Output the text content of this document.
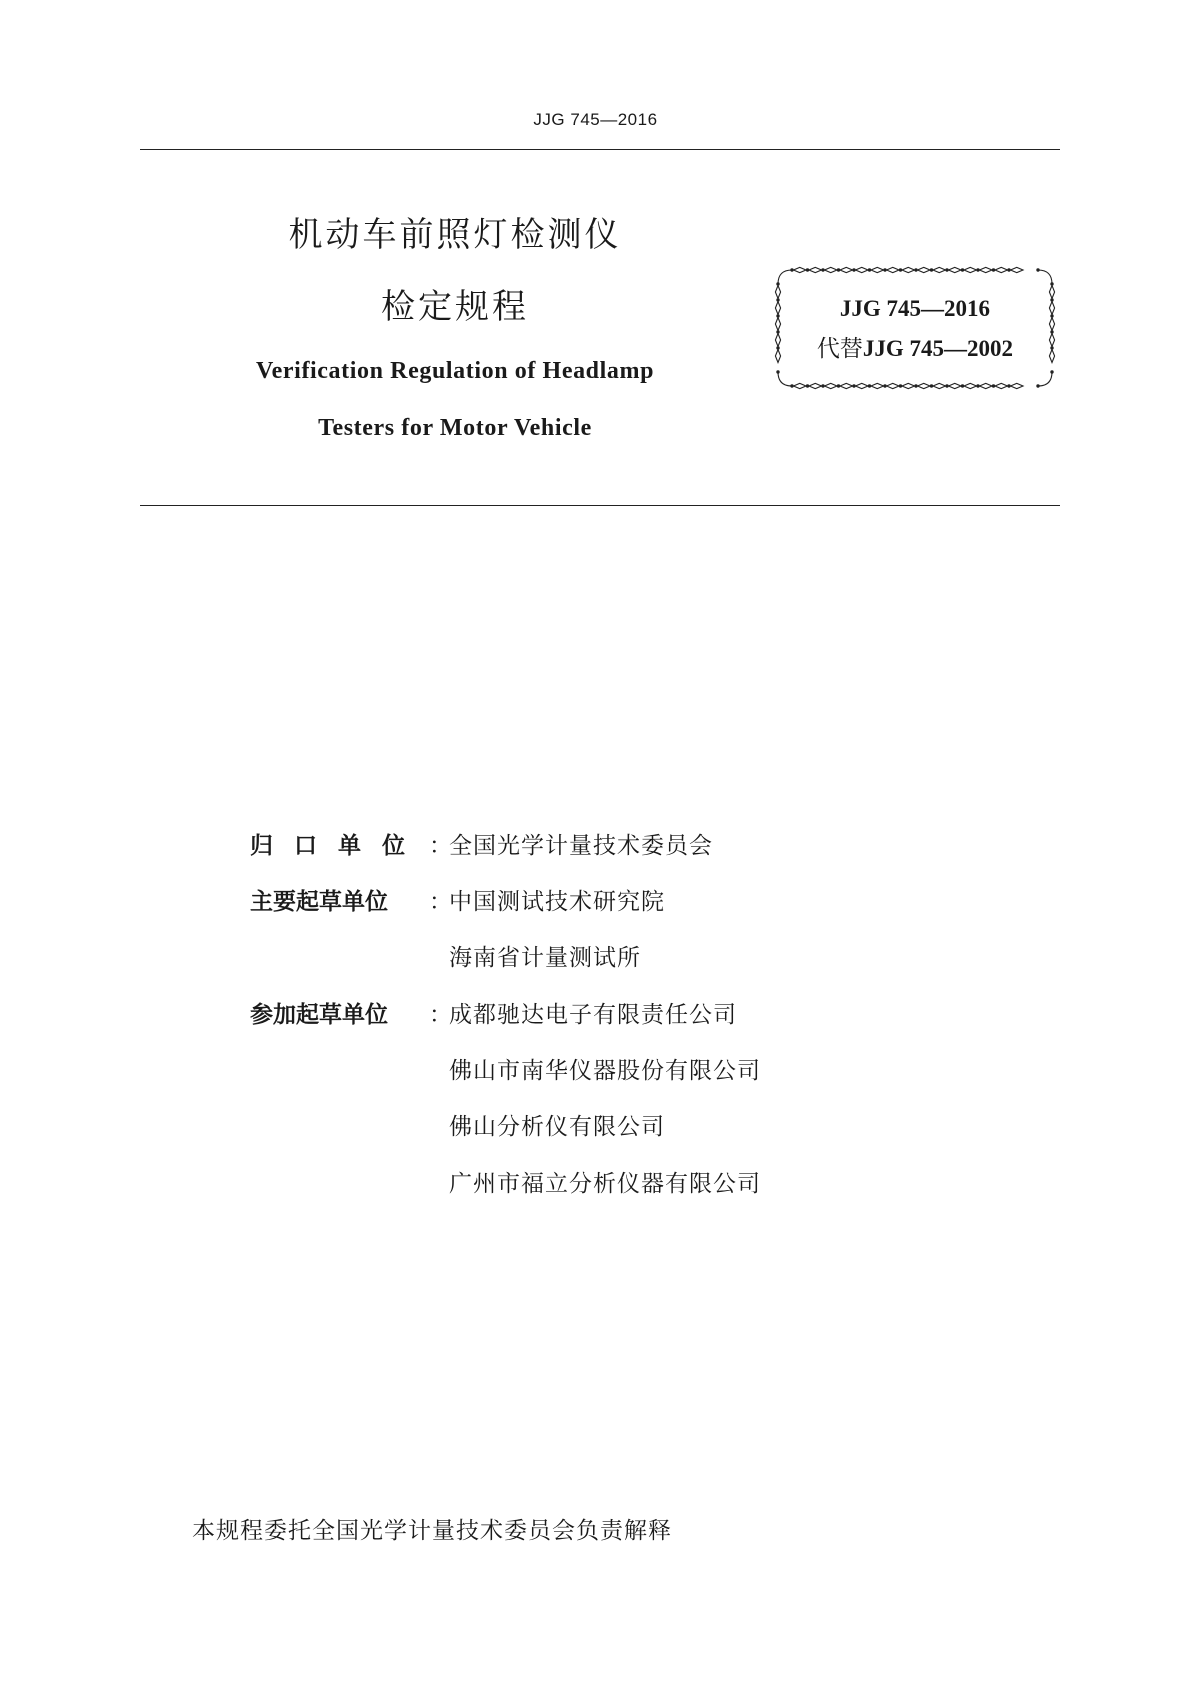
JJG 745—2016
机动车前照灯检测仪
检定规程
Verification Regulation of Headlamp
Testers for Motor Vehicle
JJG 745—2016
代替JJG 745—2002
归口单位 ：
全国光学计量技术委员会
主要起草单位	：
中国测试技术研究院
海南省计量测试所
参加起草单位	：
成都驰达电子有限责任公司
佛山市南华仪器股份有限公司
佛山分析仪有限公司
广州市福立分析仪器有限公司
本规程委托全国光学计量技术委员会负责解释
